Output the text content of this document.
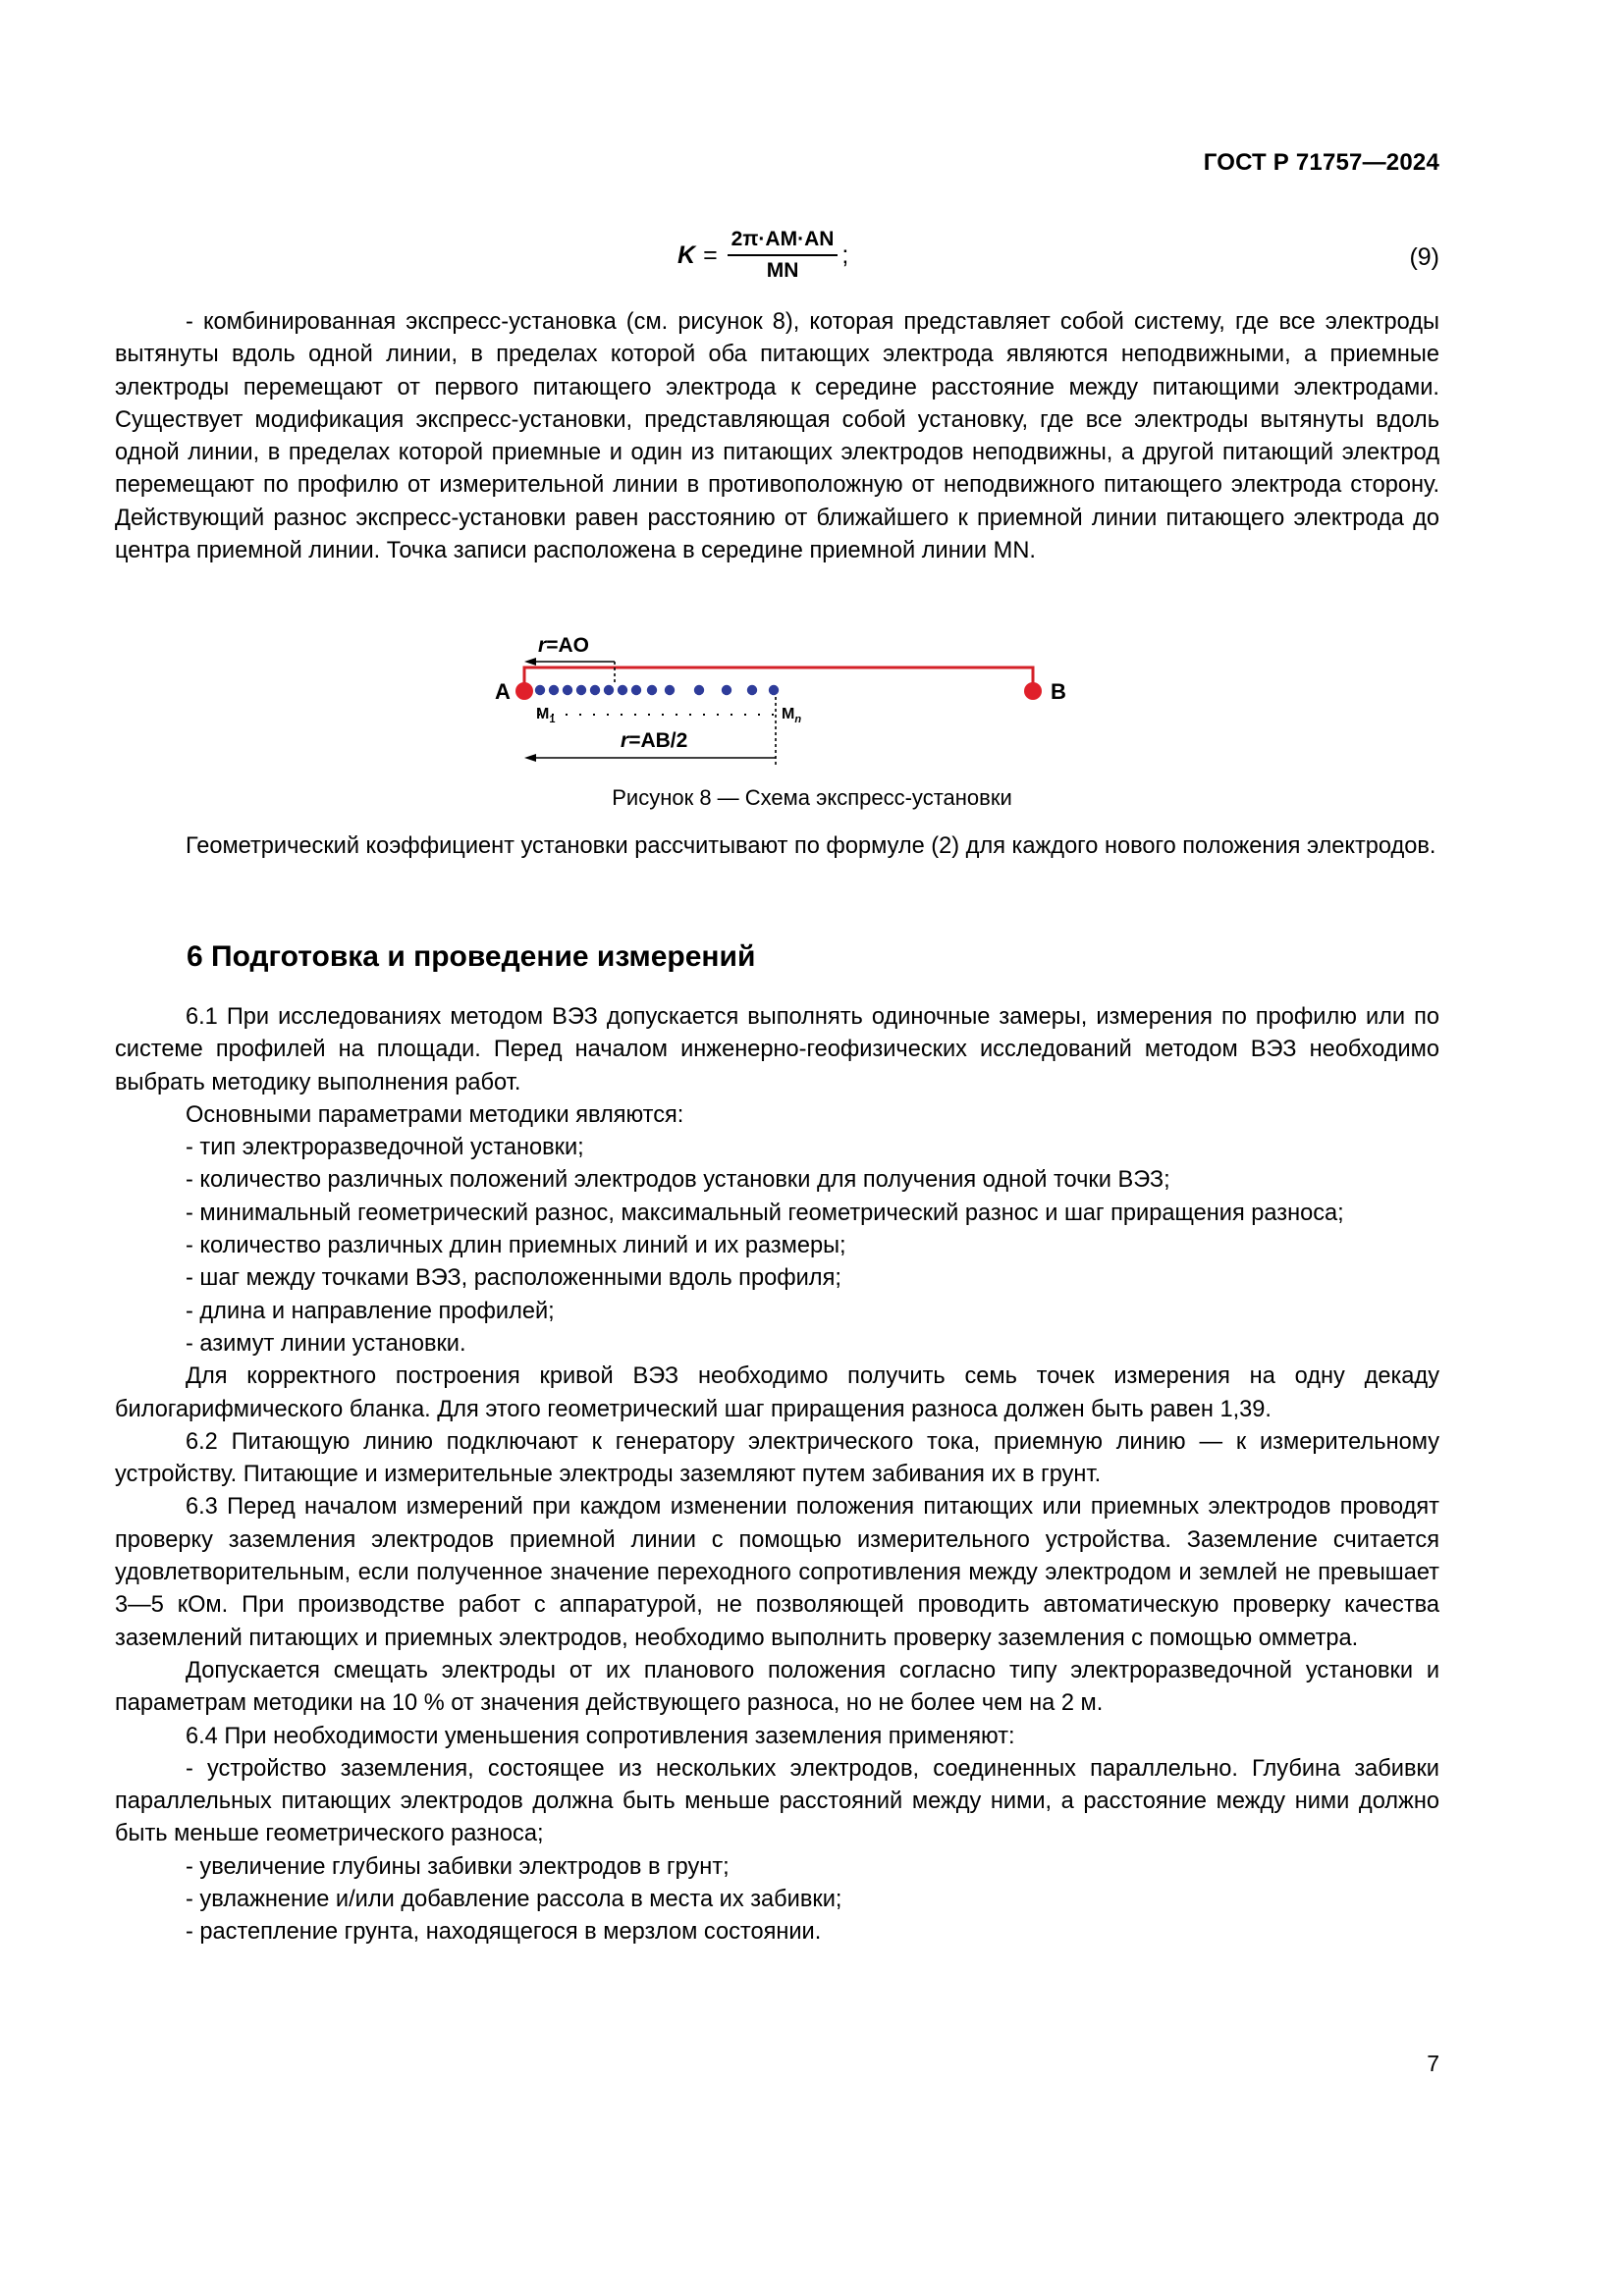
ГОСТ Р 71757—2024
$K = \frac{2\pi\cdot AM\cdot AN}{MN}$ ;	(9)

- комбинированная экспресс-установка (см. рисунок 8), которая представляет собой систему, где все электроды вытянуты вдоль одной линии, в пределах которой оба питающих электрода являются неподвижными, а приемные электроды перемещают от первого питающего электрода к середине расстояние между питающими электродами. Существует модификация экспресс-установки, представляющая собой установку, где все электроды вытянуты вдоль одной линии, в пределах которой приемные и один из питающих электродов неподвижны, а другой питающий электрод перемещают по профилю от измерительной линии в противоположную от неподвижного питающего электрода сторону. Действующий разнос экспресс-установки равен расстоянию от ближайшего к приемной линии питающего электрода до центра приемной линии. Точка записи расположена в середине приемной линии MN.

A	B
r=AO
$M_1$	$M_n$
r=AB/2
Рисунок 8 — Схема экспресс-установки

Геометрический коэффициент установки рассчитывают по формуле (2) для каждого нового положения электродов.

6 Подготовка и проведение измерений

6.1 При исследованиях методом ВЭЗ допускается выполнять одиночные замеры, измерения по профилю или по системе профилей на площади. Перед началом инженерно-геофизических исследований методом ВЭЗ необходимо выбрать методику выполнения работ.

Основными параметрами методики являются:

- тип электроразведочной установки;

- количество различных положений электродов установки для получения одной точки ВЭЗ;

- минимальный геометрический разнос, максимальный геометрический разнос и шаг приращения разноса;

- количество различных длин приемных линий и их размеры;

- шаг между точками ВЭЗ, расположенными вдоль профиля;

- длина и направление профилей;

- азимут линии установки.

Для корректного построения кривой ВЭЗ необходимо получить семь точек измерения на одну декаду билогарифмического бланка. Для этого геометрический шаг приращения разноса должен быть равен 1,39.

6.2 Питающую линию подключают к генератору электрического тока, приемную линию — к измерительному устройству. Питающие и измерительные электроды заземляют путем забивания их в грунт.

6.3 Перед началом измерений при каждом изменении положения питающих или приемных электродов проводят проверку заземления электродов приемной линии с помощью измерительного устройства. Заземление считается удовлетворительным, если полученное значение переходного сопротивления между электродом и землей не превышает 3—5 кОм. При производстве работ с аппаратурой, не позволяющей проводить автоматическую проверку качества заземлений питающих и приемных электродов, необходимо выполнить проверку заземления с помощью омметра.

Допускается смещать электроды от их планового положения согласно типу электроразведочной установки и параметрам методики на 10 % от значения действующего разноса, но не более чем на 2 м.

6.4 При необходимости уменьшения сопротивления заземления применяют:

- устройство заземления, состоящее из нескольких электродов, соединенных параллельно. Глубина забивки параллельных питающих электродов должна быть меньше расстояний между ними, а расстояние между ними должно быть меньше геометрического разноса;

- увеличение глубины забивки электродов в грунт;

- увлажнение и/или добавление рассола в места их забивки;

- растепление грунта, находящегося в мерзлом состоянии.

7
